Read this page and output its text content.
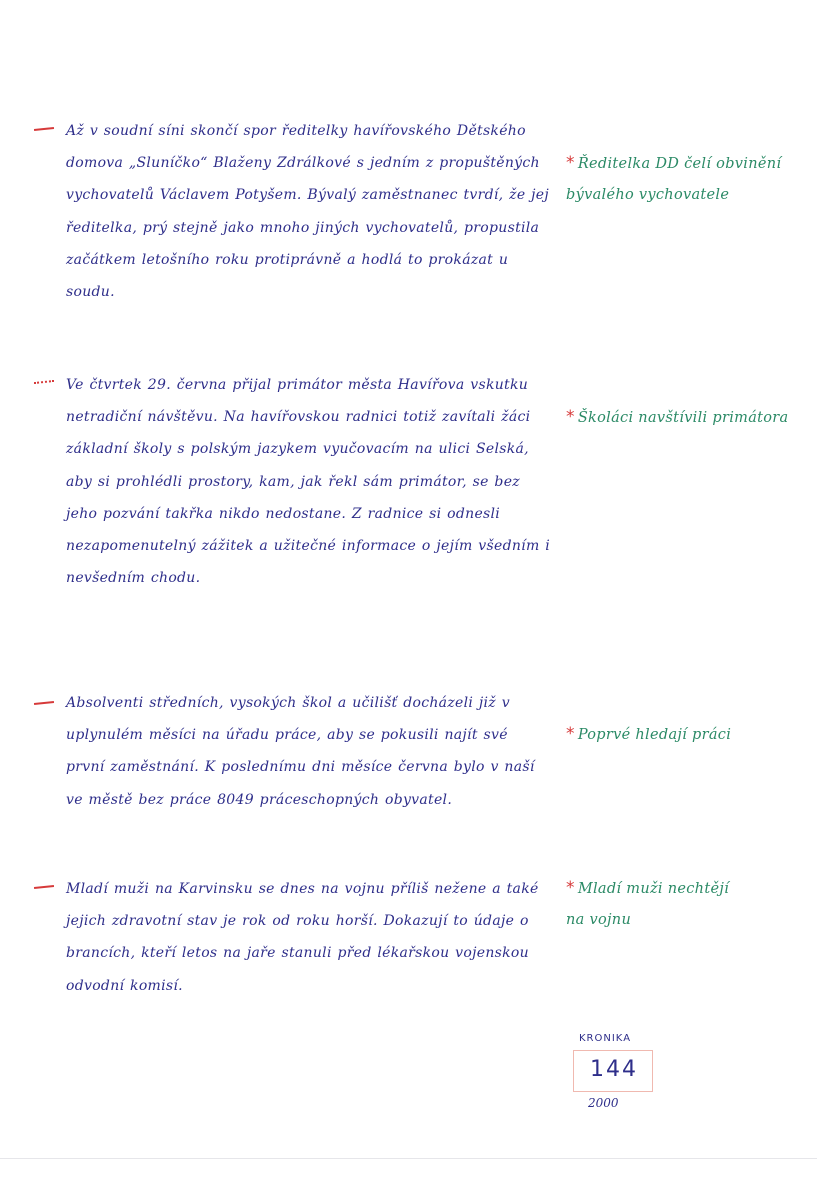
Až v soudní síni skončí spor ředitelky havířovského Dětského domova „Sluníčko“ Blaženy Zdrálkové s jedním z propuštěných vychovatelů Václavem Potyšem. Bývalý zaměstnanec tvrdí, že jej ředitelka, prý stejně jako mnoho jiných vychovatelů, propustila začátkem letošního roku protiprávně a hodlá to prokázat u soudu.

* Ředitelka DD čelí obvinění bývalého vychovatele

Ve čtvrtek 29. června přijal primátor města Havířova vskutku netradiční návštěvu. Na havířovskou radnici totiž zavítali žáci základní školy s polským jazykem vyučovacím na ulici Selská, aby si prohlédli prostory, kam, jak řekl sám primátor, se bez jeho pozvání takřka nikdo nedostane. Z radnice si odnesli nezapomenutelný zážitek a užitečné informace o jejím všedním i nevšedním chodu.

* Školáci navštívili primátora

Absolventi středních, vysokých škol a učilišť docházeli již v uplynulém měsíci na úřadu práce, aby se pokusili najít své první zaměstnání. K poslednímu dni měsíce června bylo v naší ve městě bez práce 8049 práceschopných obyvatel.

* Poprvé hledají práci

Mladí muži na Karvinsku se dnes na vojnu příliš nežene a také jejich zdravotní stav je rok od roku horší. Dokazují to údaje o brancích, kteří letos na jaře stanuli před lékařskou vojenskou odvodní komisí.

* Mladí muži nechtějí na vojnu

KRONIKA
144
2000
